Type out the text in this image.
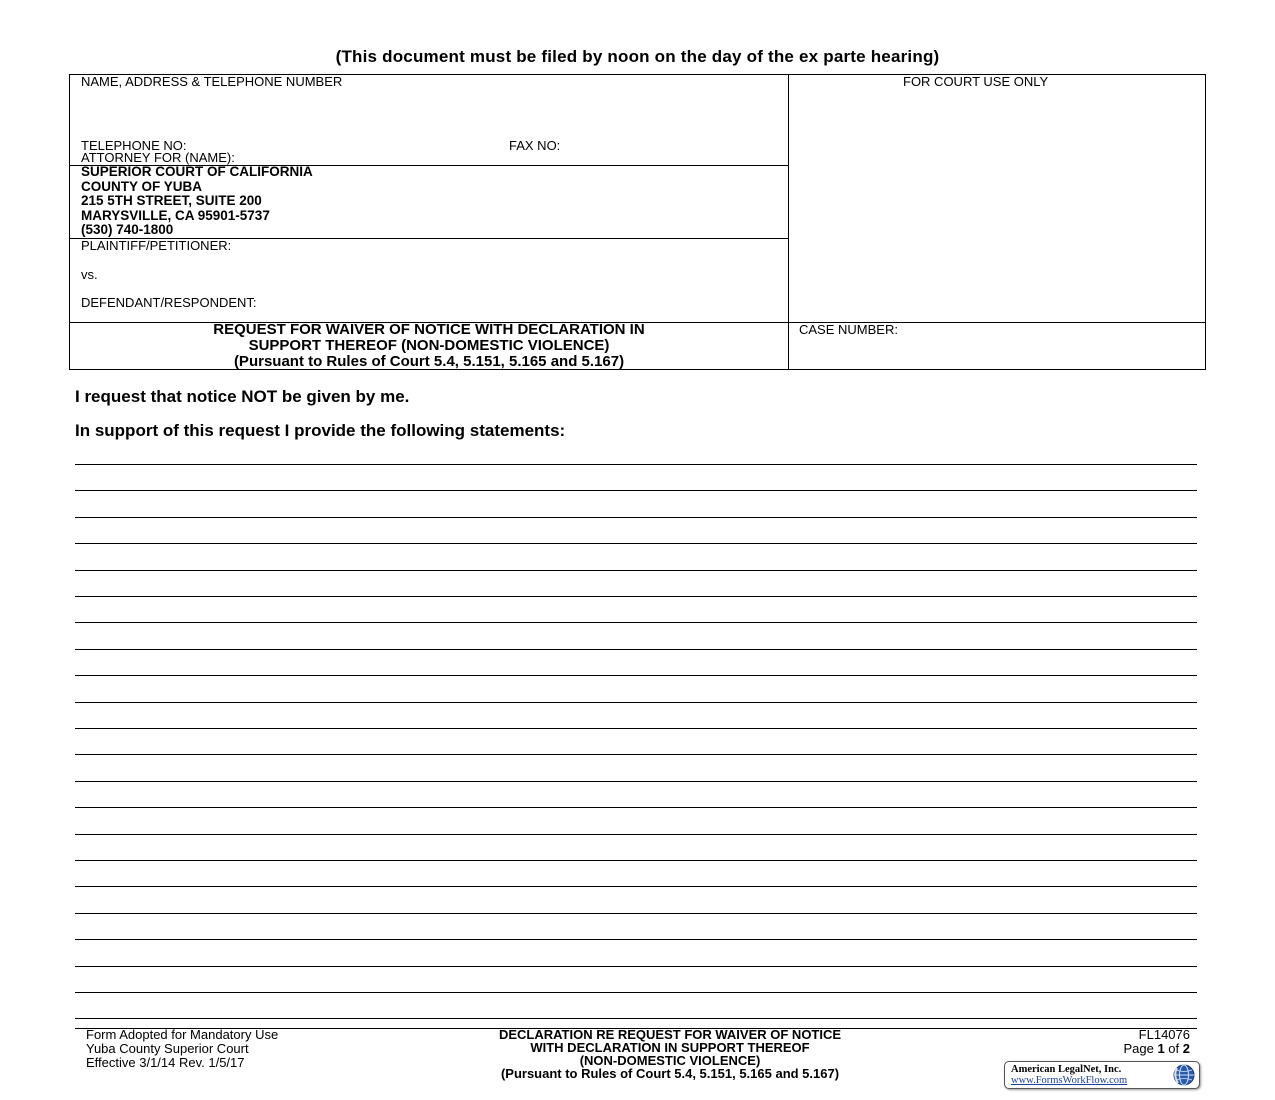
(This document must be filed by noon on the day of the ex parte hearing)
NAME, ADDRESS & TELEPHONE NUMBER	FOR COURT USE ONLY
TELEPHONE NO:	FAX NO:
ATTORNEY FOR (NAME):
SUPERIOR COURT OF CALIFORNIA
COUNTY OF YUBA
215 5TH STREET, SUITE 200
MARYSVILLE, CA 95901-5737
(530) 740-1800
PLAINTIFF/PETITIONER:
vs.
DEFENDANT/RESPONDENT:
REQUEST FOR WAIVER OF NOTICE WITH DECLARATION IN
SUPPORT THEREOF (NON-DOMESTIC VIOLENCE)
(Pursuant to Rules of Court 5.4, 5.151, 5.165 and 5.167)
CASE NUMBER:
I request that notice NOT be given by me.
In support of this request I provide the following statements:
Form Adopted for Mandatory Use
Yuba County Superior Court
Effective 3/1/14 Rev. 1/5/17
DECLARATION RE REQUEST FOR WAIVER OF NOTICE
WITH DECLARATION IN SUPPORT THEREOF
(NON-DOMESTIC VIOLENCE)
(Pursuant to Rules of Court 5.4, 5.151, 5.165 and 5.167)
FL14076
Page 1 of 2
American LegalNet, Inc.
www.FormsWorkFlow.com
